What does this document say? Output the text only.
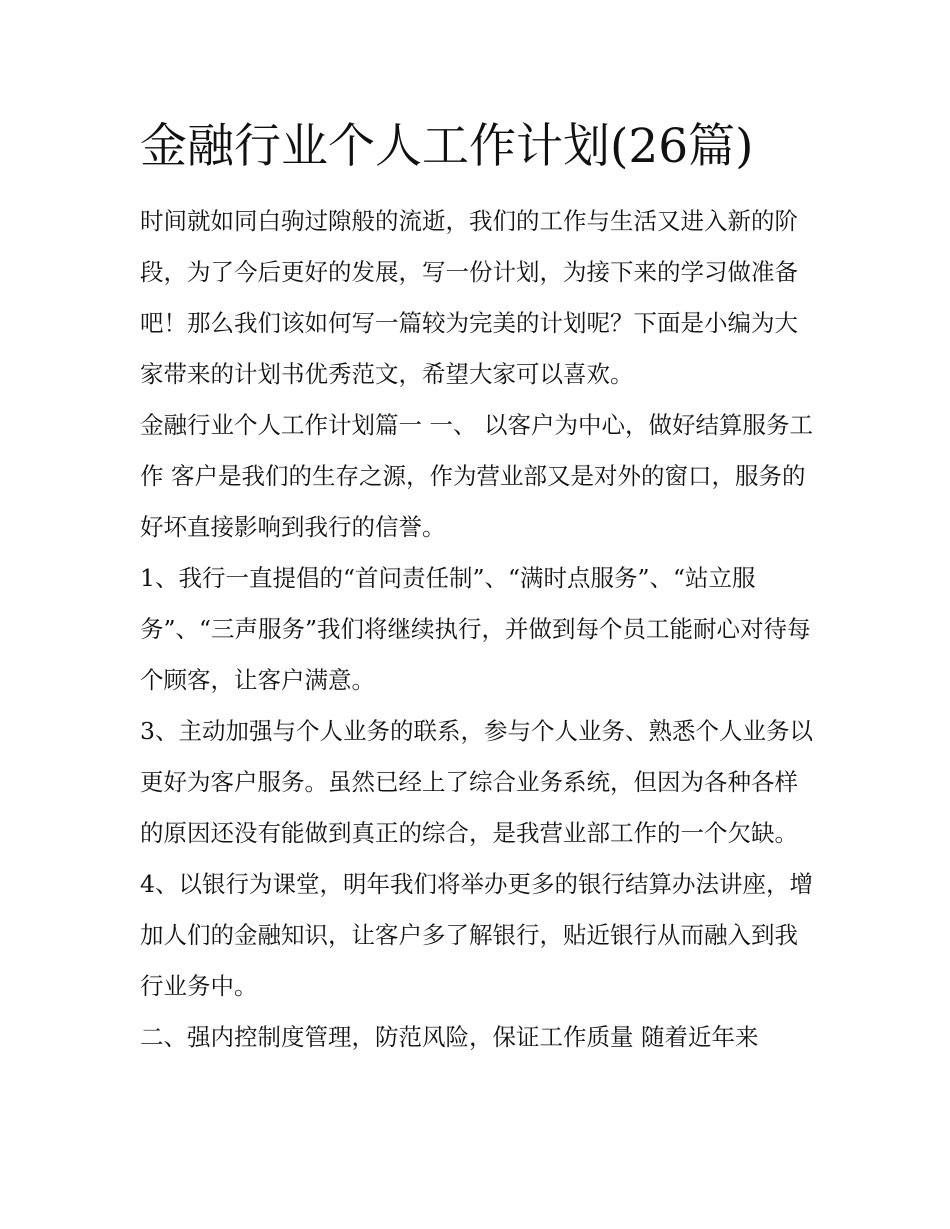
金融行业个人工作计划(26篇)

时间就如同白驹过隙般的流逝，我们的工作与生活又进入新的阶段，为了今后更好的发展，写一份计划，为接下来的学习做准备吧！那么我们该如何写一篇较为完美的计划呢？下面是小编为大家带来的计划书优秀范文，希望大家可以喜欢。

金融行业个人工作计划篇一 一、 以客户为中心，做好结算服务工作 客户是我们的生存之源，作为营业部又是对外的窗口，服务的好坏直接影响到我行的信誉。

1、我行一直提倡的“首问责任制”、“满时点服务”、“站立服务”、“三声服务”我们将继续执行，并做到每个员工能耐心对待每个顾客，让客户满意。

3、主动加强与个人业务的联系，参与个人业务、熟悉个人业务以更好为客户服务。虽然已经上了综合业务系统，但因为各种各样的原因还没有能做到真正的综合，是我营业部工作的一个欠缺。

4、以银行为课堂，明年我们将举办更多的银行结算办法讲座，增加人们的金融知识，让客户多了解银行，贴近银行从而融入到我行业务中。

二、强内控制度管理，防范风险，保证工作质量 随着近年来
